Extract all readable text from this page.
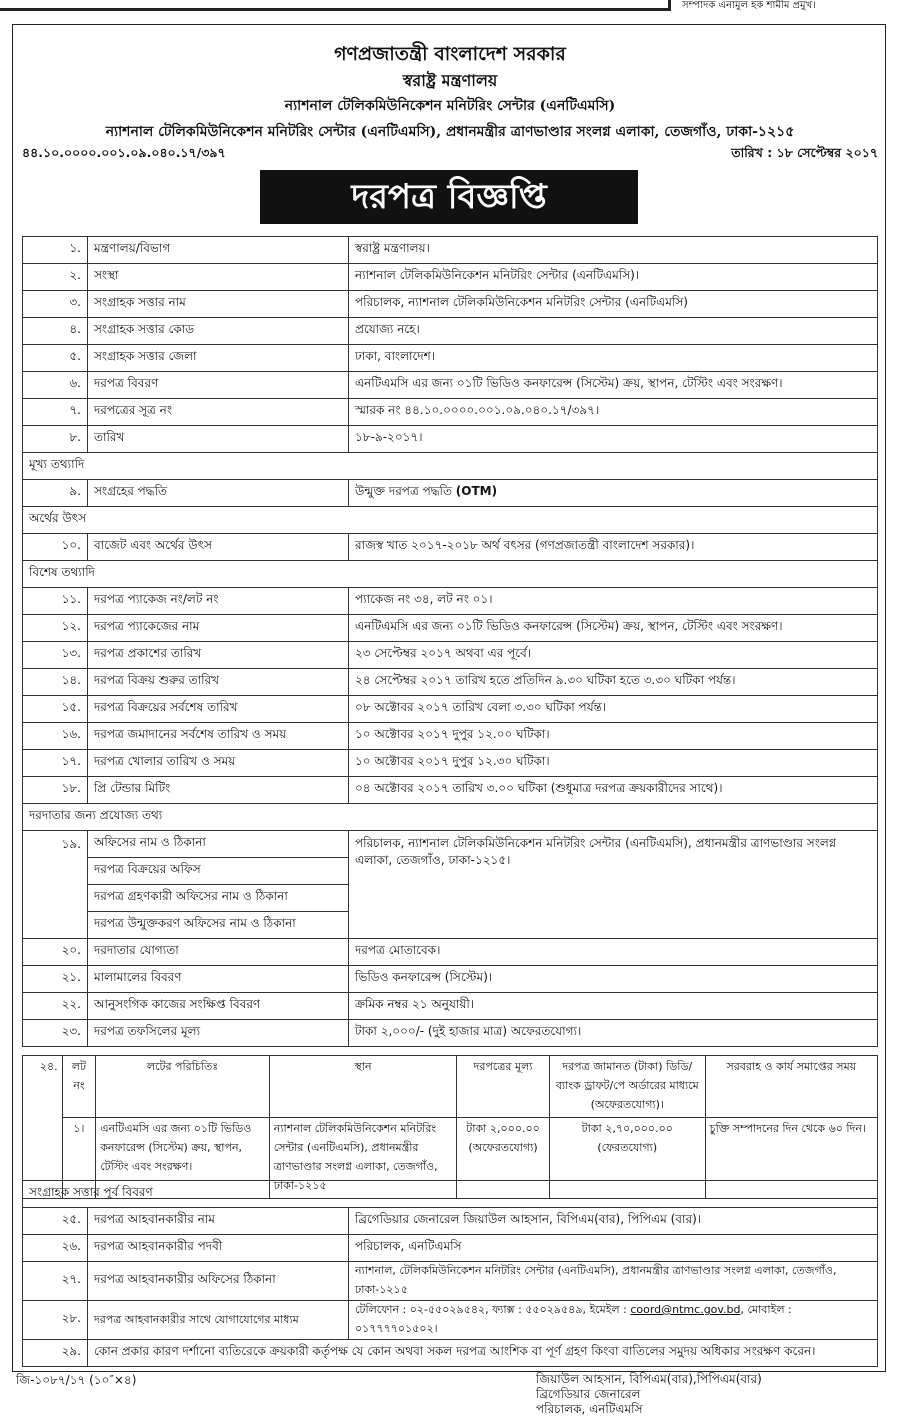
সম্পাদক এনামুল হক শামীম প্রমুখ।
গণপ্রজাতন্ত্রী বাংলাদেশ সরকার
স্বরাষ্ট্র মন্ত্রণালয়
ন্যাশনাল টেলিকমিউনিকেশন মনিটরিং সেন্টার (এনটিএমসি)
ন্যাশনাল টেলিকমিউনিকেশন মনিটরিং সেন্টার (এনটিএমসি), প্রধানমন্ত্রীর ত্রাণভাণ্ডার সংলগ্ন এলাকা, তেজগাঁও, ঢাকা-১২১৫
৪৪.১০.০০০০.০০১.০৯.০৪০.১৭/৩৯৭	তারিখ : ১৮ সেপ্টেম্বর ২০১৭
দরপত্র বিজ্ঞপ্তি
১.	মন্ত্রণালয়/বিভাগ	স্বরাষ্ট্র মন্ত্রণালয়।
২.	সংস্থা	ন্যাশনাল টেলিকমিউনিকেশন মনিটরিং সেন্টার (এনটিএমসি)।
৩.	সংগ্রাহক সত্তার নাম	পরিচালক, ন্যাশনাল টেলিকমিউনিকেশন মনিটরিং সেন্টার (এনটিএমসি)
৪.	সংগ্রাহক সত্তার কোড	প্রযোজ্য নহে।
৫.	সংগ্রাহক সত্তার জেলা	ঢাকা, বাংলাদেশ।
৬.	দরপত্র বিবরণ	এনটিএমসি এর জন্য ০১টি ভিডিও কনফারেন্স (সিস্টেম) ক্রয়, স্থাপন, টেস্টিং এবং সংরক্ষণ।
৭.	দরপত্রের সূত্র নং	স্মারক নং ৪৪.১০.০০০০.০০১.০৯.০৪০.১৭/৩৯৭।
৮.	তারিখ	১৮-৯-২০১৭।
মূখ্য তথ্যাদি		
৯.	সংগ্রহের পদ্ধতি	উন্মুক্ত দরপত্র পদ্ধতি (OTM)
অর্থের উৎস		
১০.	বাজেট এবং অর্থের উৎস	রাজস্ব খাত ২০১৭-২০১৮ অর্থ বৎসর (গণপ্রজাতন্ত্রী বাংলাদেশ সরকার)।
বিশেষ তথ্যাদি		
১১.	দরপত্র প্যাকেজ নং/লট নং	প্যাকেজ নং ৩৪, লট নং ০১।
১২.	দরপত্র প্যাকেজের নাম	এনটিএমসি এর জন্য ০১টি ভিডিও কনফারেন্স (সিস্টেম) ক্রয়, স্থাপন, টেস্টিং এবং সংরক্ষণ।
১৩.	দরপত্র প্রকাশের তারিখ	২৩ সেপ্টেম্বর ২০১৭ অথবা এর পূর্বে।
১৪.	দরপত্র বিক্রয় শুরুর তারিখ	২৪ সেপ্টেম্বর ২০১৭ তারিখ হতে প্রতিদিন ৯.৩০ ঘটিকা হতে ৩.৩০ ঘটিকা পর্যন্ত।
১৫.	দরপত্র বিক্রয়ের সর্বশেষ তারিখ	০৮ অক্টোবর ২০১৭ তারিখ বেলা ৩.৩০ ঘটিকা পর্যন্ত।
১৬.	দরপত্র জমাদানের সর্বশেষ তারিখ ও সময়	১০ অক্টোবর ২০১৭ দুপুর ১২.০০ ঘটিকা।
১৭.	দরপত্র খোলার তারিখ ও সময়	১০ অক্টোবর ২০১৭ দুপুর ১২.৩০ ঘটিকা।
১৮.	প্রি টেন্ডার মিটিং	০৪ অক্টোবর ২০১৭ তারিখ ৩.০০ ঘটিকা (শুধুমাত্র দরপত্র ক্রয়কারীদের সাথে)।
দরদাতার জন্য প্রযোজ্য তথ্য		
১৯.	অফিসের নাম ও ঠিকানা	পরিচালক, ন্যাশনাল টেলিকমিউনিকেশন মনিটরিং সেন্টার (এনটিএমসি), প্রধানমন্ত্রীর ত্রাণভাণ্ডার সংলগ্ন এলাকা, তেজগাঁও, ঢাকা-১২১৫।
	দরপত্র বিক্রয়ের অফিস	
	দরপত্র গ্রহণকারী অফিসের নাম ও ঠিকানা	
	দরপত্র উন্মুক্তকরণ অফিসের নাম ও ঠিকানা	
২০.	দরদাতার যোগ্যতা	দরপত্র মোতাবেক।
২১.	মালামালের বিবরণ	ভিডিও কনফারেন্স (সিস্টেম)।
২২.	আনুসংগিক কাজের সংক্ষিপ্ত বিবরণ	ক্রমিক নম্বর ২১ অনুযায়ী।
২৩.	দরপত্র তফসিলের মূল্য	টাকা ২,০০০/- (দুই হাজার মাত্র) অফেরতযোগ্য।
২৪.	লট নং	লটের পরিচিতিঃ	স্থান	দরপত্রের মূল্য	দরপত্র জামানত (টাকা) ডিডি/ব্যাংক ড্রাফট/পে অর্ডারের মাধ্যমে (অফেরতযোগ্য)।	সরবরাহ ও কার্য সমাপ্তের সময়
	১।	এনটিএমসি এর জন্য ০১টি ভিডিও কনফারেন্স (সিস্টেম) ক্রয়, স্থাপন, টেস্টিং এবং সংরক্ষণ।	ন্যাশনাল টেলিকমিউনিকেশন মনিটরিং সেন্টার (এনটিএমসি), প্রধানমন্ত্রীর ত্রাণভাণ্ডার সংলগ্ন এলাকা, তেজগাঁও, ঢাকা-১২১৫	টাকা ২,০০০.০০ (অফেরতযোগ্য)	টাকা ২,৭০,০০০.০০ (ফেরতযোগ্য)	চুক্তি সম্পাদনের দিন থেকে ৬০ দিন।
সংগ্রাহক সত্তার পূর্ব বিবরণ		
২৫.	দরপত্র আহবানকারীর নাম	ব্রিগেডিয়ার জেনারেল জিয়াউল আহসান, বিপিএম(বার), পিপিএম (বার)।
২৬.	দরপত্র আহবানকারীর পদবী	পরিচালক, এনটিএমসি
২৭.	দরপত্র আহবানকারীর অফিসের ঠিকানা	ন্যাশনাল, টেলিকমিউনিকেশন মনিটরিং সেন্টার (এনটিএমসি), প্রধানমন্ত্রীর ত্রাণভাণ্ডার সংলগ্ন এলাকা, তেজগাঁও, ঢাকা-১২১৫
২৮.	দরপত্র আহবানকারীর সাথে যোগাযোগের মাধ্যম	টেলিফোন : ০২-৫৫০২৯৫৪২, ফ্যাক্স : ৫৫০২৯৫৪৯, ইমেইল : coord@ntmc.gov.bd, মোবাইল : ০১৭৭৭৭০১৫০২।
২৯.	কোন প্রকার কারণ দর্শানো ব্যতিরেকে ক্রয়কারী কর্তৃপক্ষ যে কোন অথবা সকল দরপত্র আংশিক বা পূর্ণ গ্রহণ কিংবা বাতিলের সমুদয় অধিকার সংরক্ষণ করেন।	
জি-১০৮৭/১৭ (১০″×৪)	জিয়াউল আহসান, বিপিএম(বার),পিপিএম(বার)
ব্রিগেডিয়ার জেনারেল
পরিচালক, এনটিএমসি
